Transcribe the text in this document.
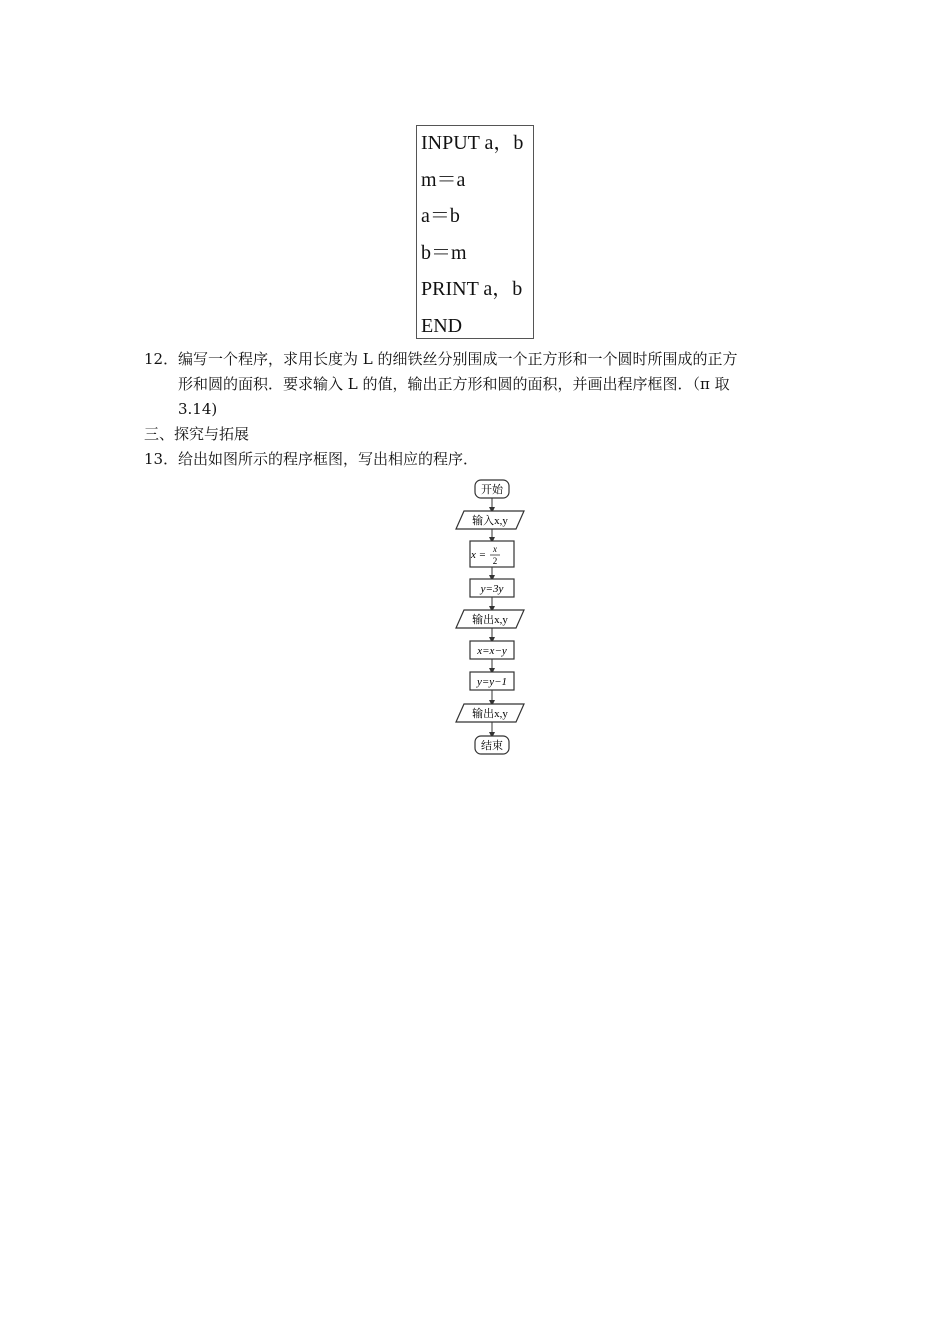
INPUT a，b
m＝a
a＝b
b＝m
PRINT a，b
END
12． 编写一个程序，求用长度为 L 的细铁丝分别围成一个正方形和一个圆时所围成的正方
形和圆的面积．要求输入 L 的值，输出正方形和圆的面积，并画出程序框图．（π 取
3.14)
三、探究与拓展
13． 给出如图所示的程序框图，写出相应的程序．
开始
输入x,y
x = x
2
y=3y
输出x,y
x=x−y
y=y−1
输出x,y
结束
